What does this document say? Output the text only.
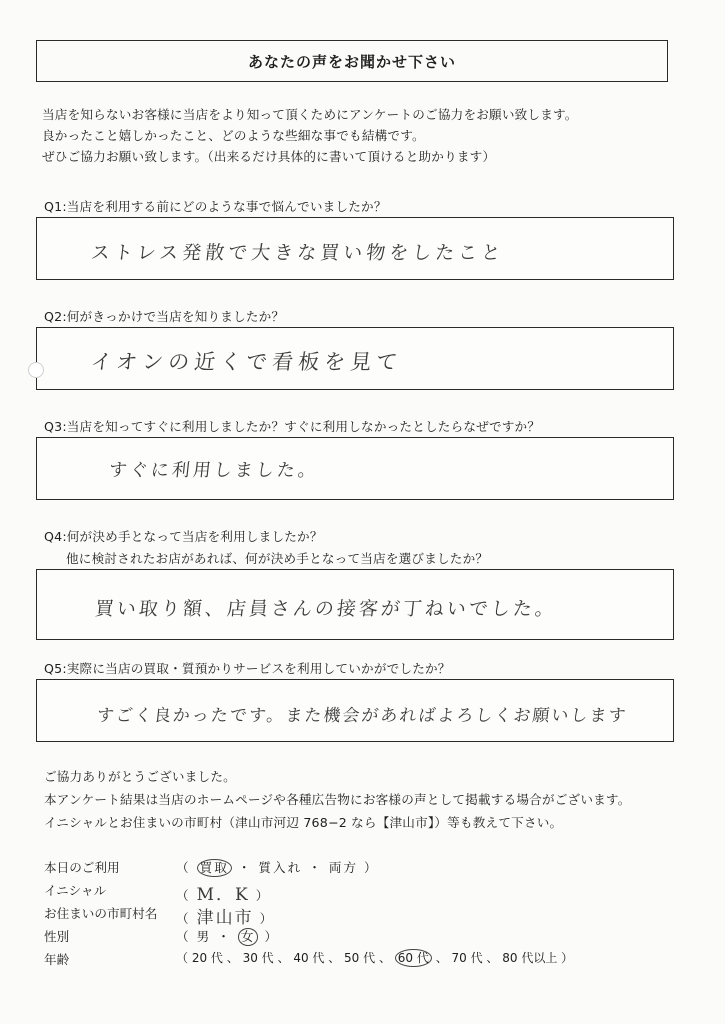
あなたの声をお聞かせ下さい
当店を知らないお客様に当店をより知って頂くためにアンケートのご協力をお願い致します。
良かったこと嬉しかったこと、どのような些細な事でも結構です。
ぜひご協力お願い致します。（出来るだけ具体的に書いて頂けると助かります）
Q1:当店を利用する前にどのような事で悩んでいましたか？
ストレス発散で大きな買い物をしたこと
Q2:何がきっかけで当店を知りましたか？
イオンの近くで看板を見て
Q3:当店を知ってすぐに利用しましたか？すぐに利用しなかったとしたらなぜですか？
すぐに利用しました。
Q4:何が決め手となって当店を利用しましたか？
他に検討されたお店があれば、何が決め手となって当店を選びましたか？
買い取り額、店員さんの接客が丁ねいでした。
Q5:実際に当店の買取・質預かりサービスを利用していかがでしたか？
すごく良かったです。また機会があればよろしくお願いします
ご協力ありがとうございました。
本アンケート結果は当店のホームページや各種広告物にお客様の声として掲載する場合がございます。
イニシャルとお住まいの市町村（津山市河辺 768−2 なら【津山市】）等も教えて下さい。
本日のご利用	（ 買取 ・ 質入れ ・ 両方 ）
イニシャル	（ M．K ）
お住まいの市町村名 （ 津山市 ）
性別	（ 男 ・ 女 ）
年齢	（ 20 代 、 30 代 、 40 代 、 50 代 、 60 代 、 70 代 、 80 代以上 ）
